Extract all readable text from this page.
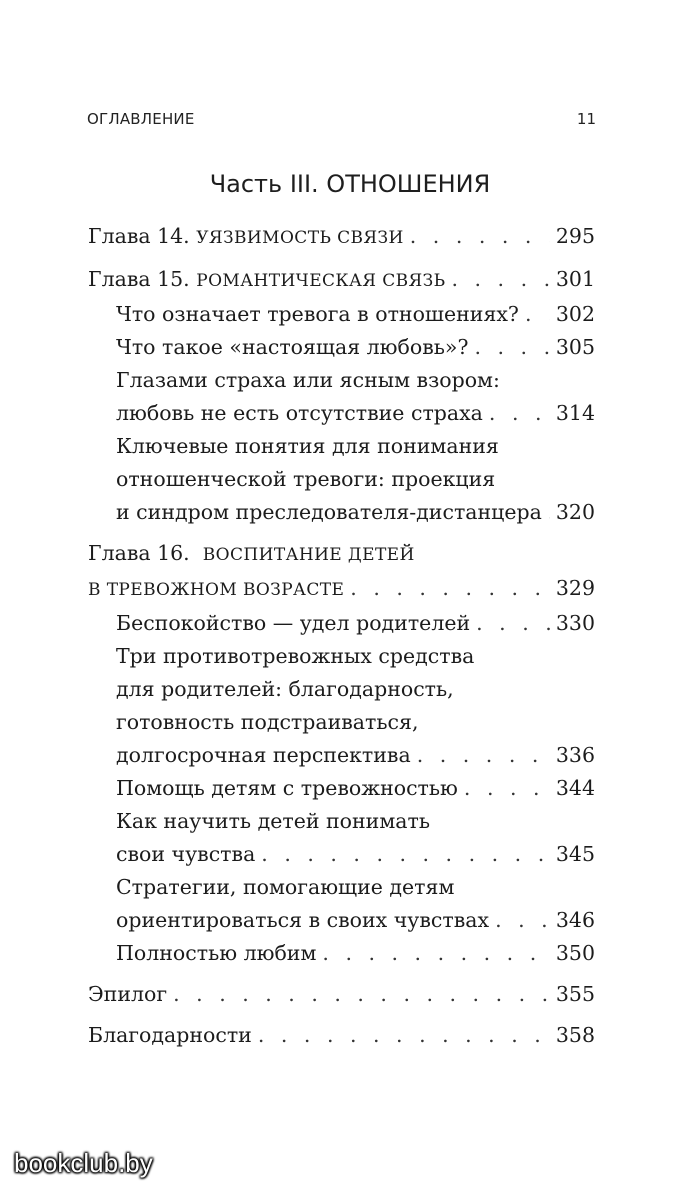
ОГЛАВЛЕНИЕ	11
Часть III. ОТНОШЕНИЯ
Глава 14.
УЯЗВИМОСТЬ СВЯЗИ . . .	295
Глава 15.
РОМАНТИЧЕСКАЯ СВЯЗЬ . . .	301
Что означает тревога в отношениях? . . . 302
Что такое «настоящая любовь»? . . .	305
Глазами страха или ясным взором:
любовь не есть отсутствие страха . . .	314
Ключевые понятия для понимания
отношенческой тревоги: проекция
и синдром преследователя-дистанцера . . . 320
Глава 16.  ВОСПИТАНИЕ ДЕТЕЙ
В ТРЕВОЖНОМ ВОЗРАСТЕ . . .	329
Беспокойство — удел родителей . . .	330
Три противотревожных средства
для родителей: благодарность,
готовность подстраиваться,
долгосрочная перспектива . . .	336
Помощь детям с тревожностью . . .	344
Как научить детей понимать
свои чувства . . .	345
Стратегии, помогающие детям
ориентироваться в своих чувствах . . .	346
Полностью любим . . .	350
Эпилог . . .	355
Благодарности . . .	358
bookclub.by
